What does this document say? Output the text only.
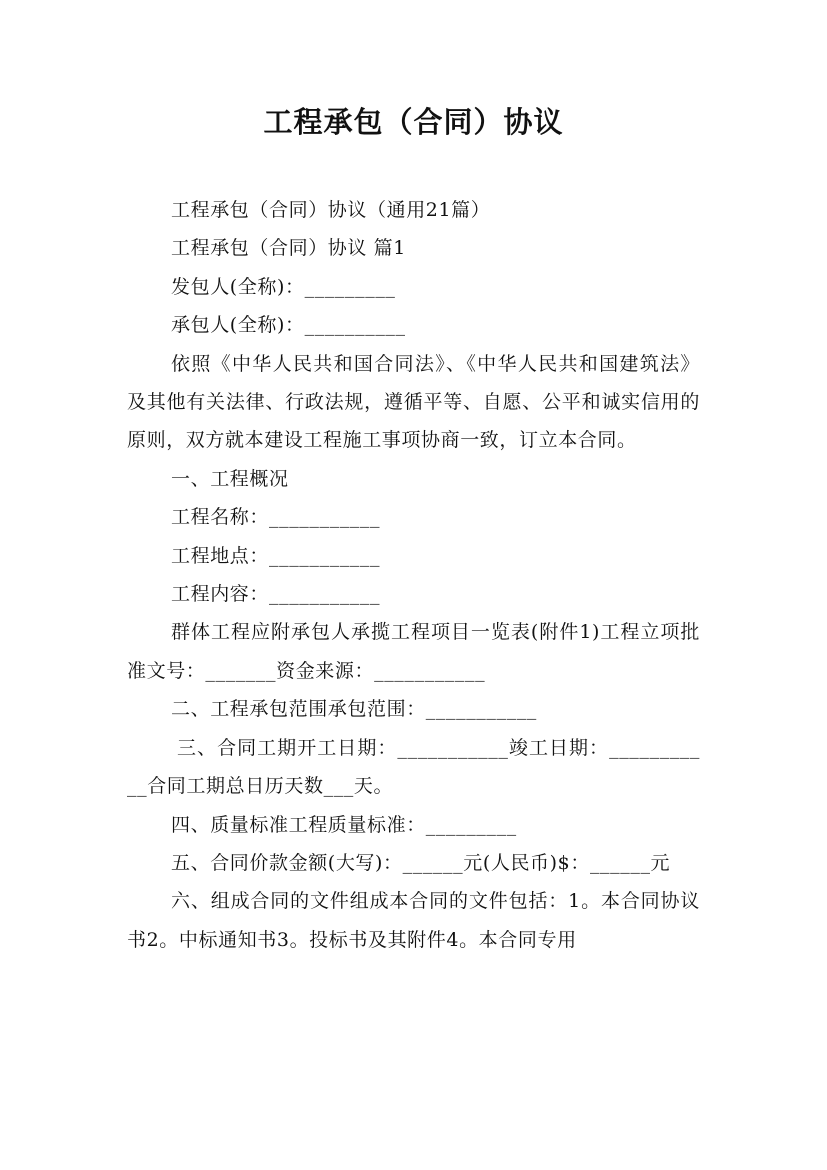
工程承包（合同）协议

工程承包（合同）协议（通用21篇）

工程承包（合同）协议 篇1

发包人(全称)：_________

承包人(全称)：__________

依照《中华人民共和国合同法》、《中华人民共和国建筑法》及其他有关法律、行政法规，遵循平等、自愿、公平和诚实信用的原则，双方就本建设工程施工事项协商一致，订立本合同。

一、工程概况

工程名称：___________

工程地点：___________

工程内容：___________

群体工程应附承包人承揽工程项目一览表(附件1)工程立项批准文号：_______资金来源：___________

二、工程承包范围承包范围：___________

三、合同工期开工日期：___________竣工日期：___________合同工期总日历天数___天。

四、质量标准工程质量标准：_________

五、合同价款金额(大写)：______元(人民币)$：______元

六、组成合同的文件组成本合同的文件包括：1。本合同协议书2。中标通知书3。投标书及其附件4。本合同专用
